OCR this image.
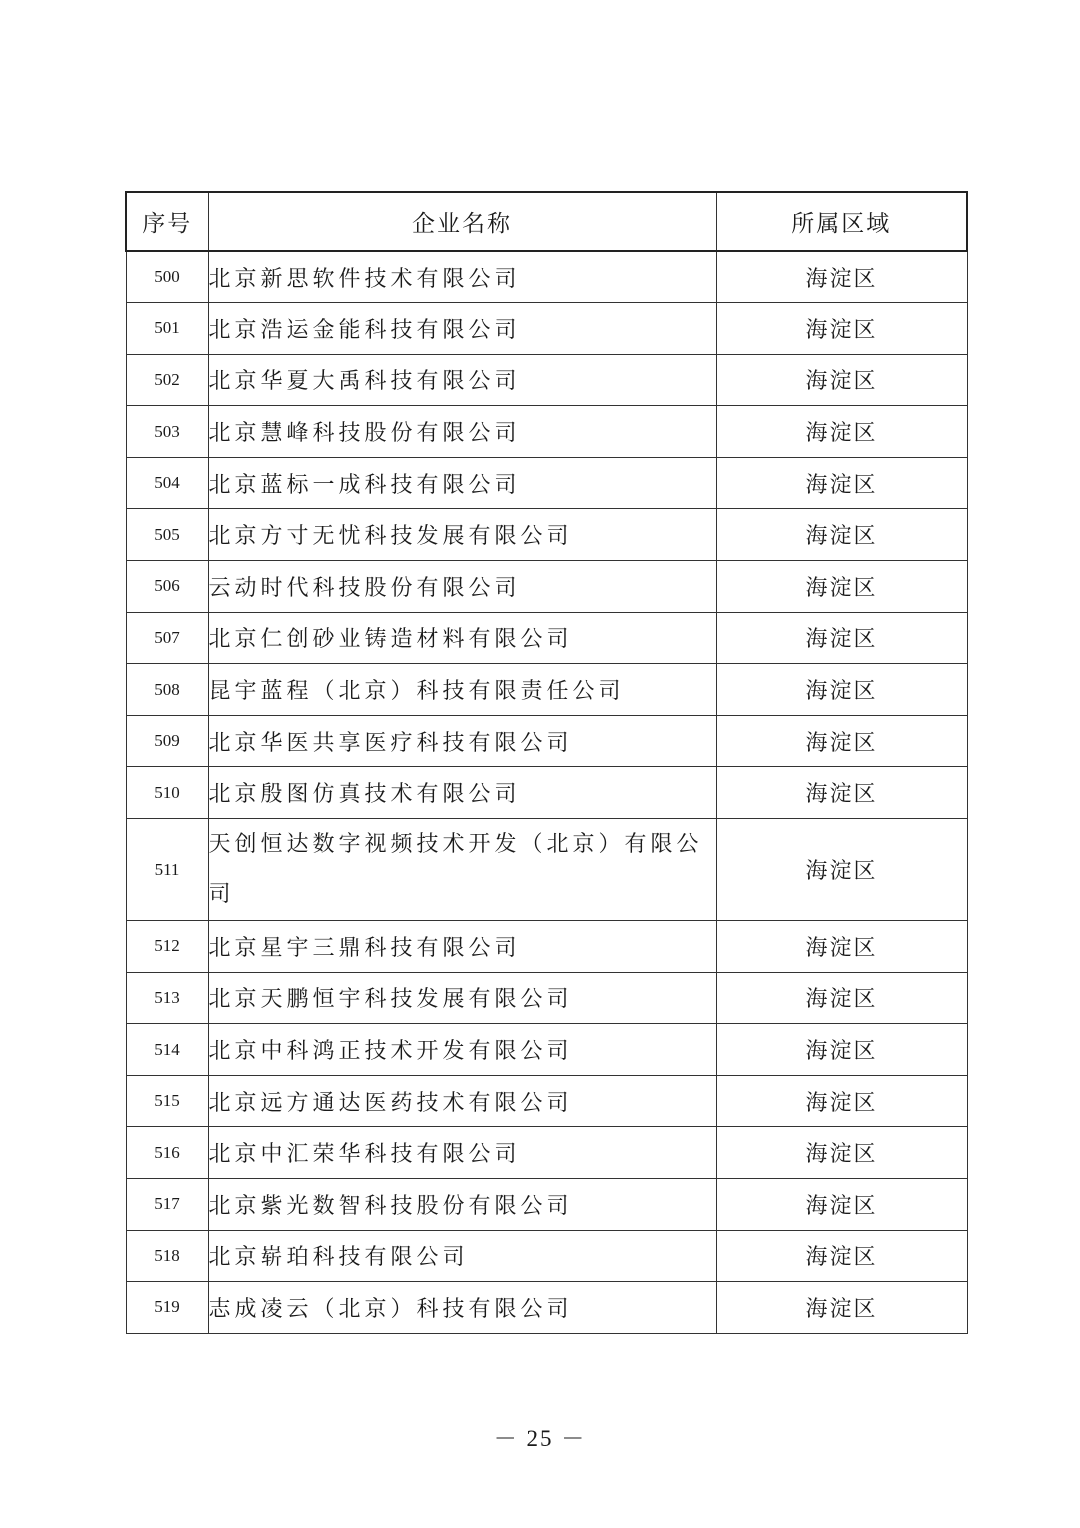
序号	企业名称	所属区域
500	北京新思软件技术有限公司	海淀区
501	北京浩运金能科技有限公司	海淀区
502	北京华夏大禹科技有限公司	海淀区
503	北京慧峰科技股份有限公司	海淀区
504	北京蓝标一成科技有限公司	海淀区
505	北京方寸无忧科技发展有限公司	海淀区
506	云动时代科技股份有限公司	海淀区
507	北京仁创砂业铸造材料有限公司	海淀区
508	昆宇蓝程（北京）科技有限责任公司	海淀区
509	北京华医共享医疗科技有限公司	海淀区
510	北京殷图仿真技术有限公司	海淀区
511	天创恒达数字视频技术开发（北京）有限公司	海淀区
512	北京星宇三鼎科技有限公司	海淀区
513	北京天鹏恒宇科技发展有限公司	海淀区
514	北京中科鸿正技术开发有限公司	海淀区
515	北京远方通达医药技术有限公司	海淀区
516	北京中汇荣华科技有限公司	海淀区
517	北京紫光数智科技股份有限公司	海淀区
518	北京崭珀科技有限公司	海淀区
519	志成凌云（北京）科技有限公司	海淀区
－ 25 －
